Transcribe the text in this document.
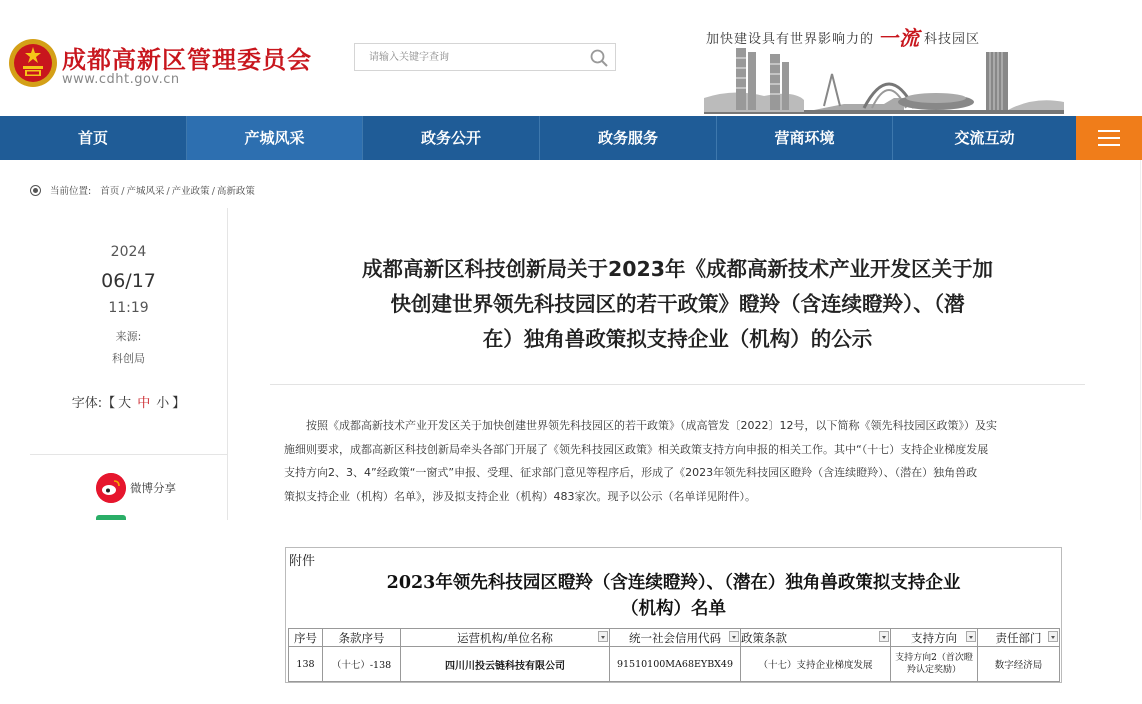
成都高新区管理委员会
www.cdht.gov.cn
请输入关键字查询
加快建设具有世界影响力的 一流 科技园区
首页	产城风采	政务公开	政务服务	营商环境	交流互动
当前位置: 首页 / 产城风采 / 产业政策 / 高新政策
2024
06/17
11:19
来源:
科创局
字体:【 大 中 小 】
微博分享
成都高新区科技创新局关于2023年《成都高新技术产业开发区关于加
快创建世界领先科技园区的若干政策》瞪羚（含连续瞪羚）、（潜
在）独角兽政策拟支持企业（机构）的公示
按照《成都高新技术产业开发区关于加快创建世界领先科技园区的若干政策》（成高管发〔2022〕12号，以下简称《领先科技园区政策》）及实
施细则要求，成都高新区科技创新局牵头各部门开展了《领先科技园区政策》相关政策支持方向申报的相关工作。其中“（十七）支持企业梯度发展
支持方向2、3、4”经政策“一窗式”申报、受理、征求部门意见等程序后，形成了《2023年领先科技园区瞪羚（含连续瞪羚）、（潜在）独角兽政
策拟支持企业（机构）名单》，涉及拟支持企业（机构）483家次。现予以公示（名单详见附件）。
附件
2023年领先科技园区瞪羚（含连续瞪羚）、（潜在）独角兽政策拟支持企业
（机构）名单
序号	条款序号	运营机构/单位名称	统一社会信用代码	政策条款	支持方向	责任部门

138	（十七）-138	四川川投云链科技有限公司	91510100MA68EYBX49	（十七）支持企业梯度发展	支持方向2（首次瞪羚认定奖励）	数字经济局
